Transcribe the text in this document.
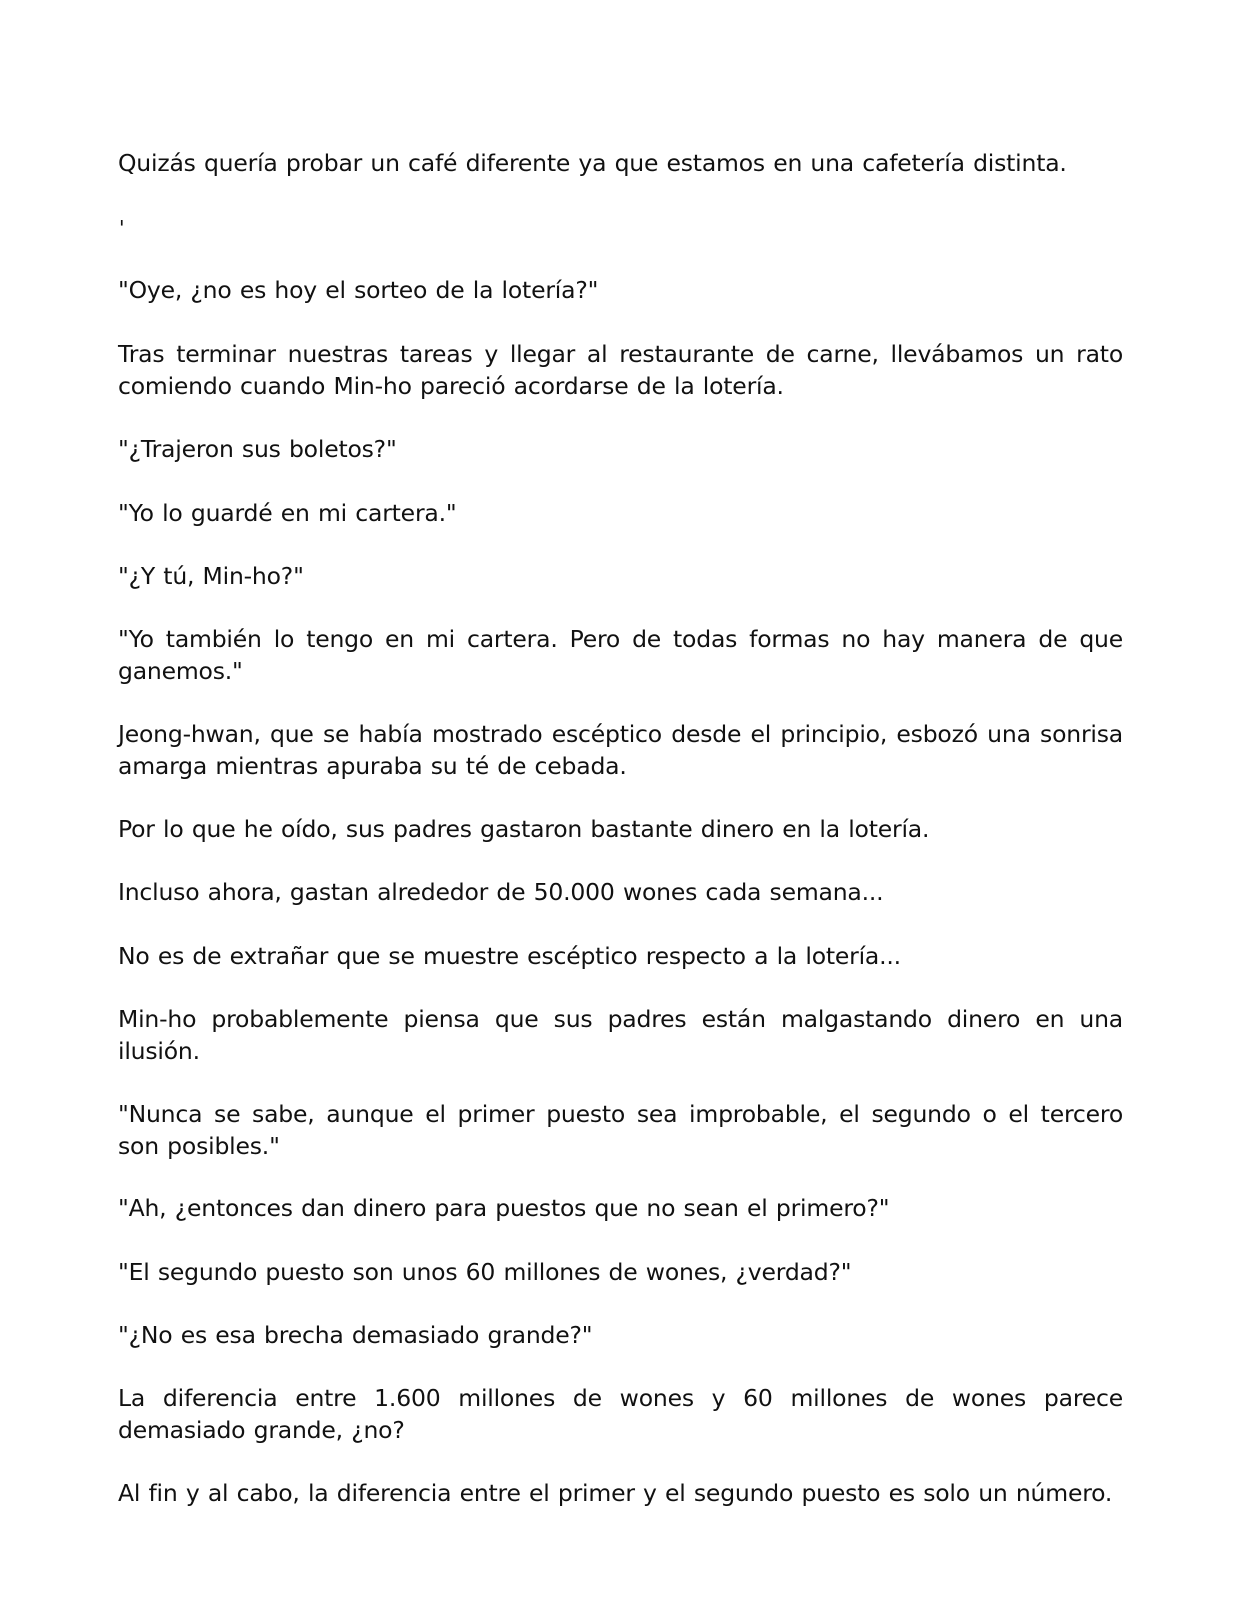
Quizás quería probar un café diferente ya que estamos en una cafetería distinta.

'

"Oye, ¿no es hoy el sorteo de la lotería?"

Tras terminar nuestras tareas y llegar al restaurante de carne, llevábamos un rato comiendo cuando Min-ho pareció acordarse de la lotería.

"¿Trajeron sus boletos?"

"Yo lo guardé en mi cartera."

"¿Y tú, Min-ho?"

"Yo también lo tengo en mi cartera. Pero de todas formas no hay manera de que ganemos."

Jeong-hwan, que se había mostrado escéptico desde el principio, esbozó una sonrisa amarga mientras apuraba su té de cebada.

Por lo que he oído, sus padres gastaron bastante dinero en la lotería.

Incluso ahora, gastan alrededor de 50.000 wones cada semana...

No es de extrañar que se muestre escéptico respecto a la lotería...

Min-ho probablemente piensa que sus padres están malgastando dinero en una ilusión.

"Nunca se sabe, aunque el primer puesto sea improbable, el segundo o el tercero son posibles."

"Ah, ¿entonces dan dinero para puestos que no sean el primero?"

"El segundo puesto son unos 60 millones de wones, ¿verdad?"

"¿No es esa brecha demasiado grande?"

La diferencia entre 1.600 millones de wones y 60 millones de wones parece demasiado grande, ¿no?

Al fin y al cabo, la diferencia entre el primer y el segundo puesto es solo un número.
